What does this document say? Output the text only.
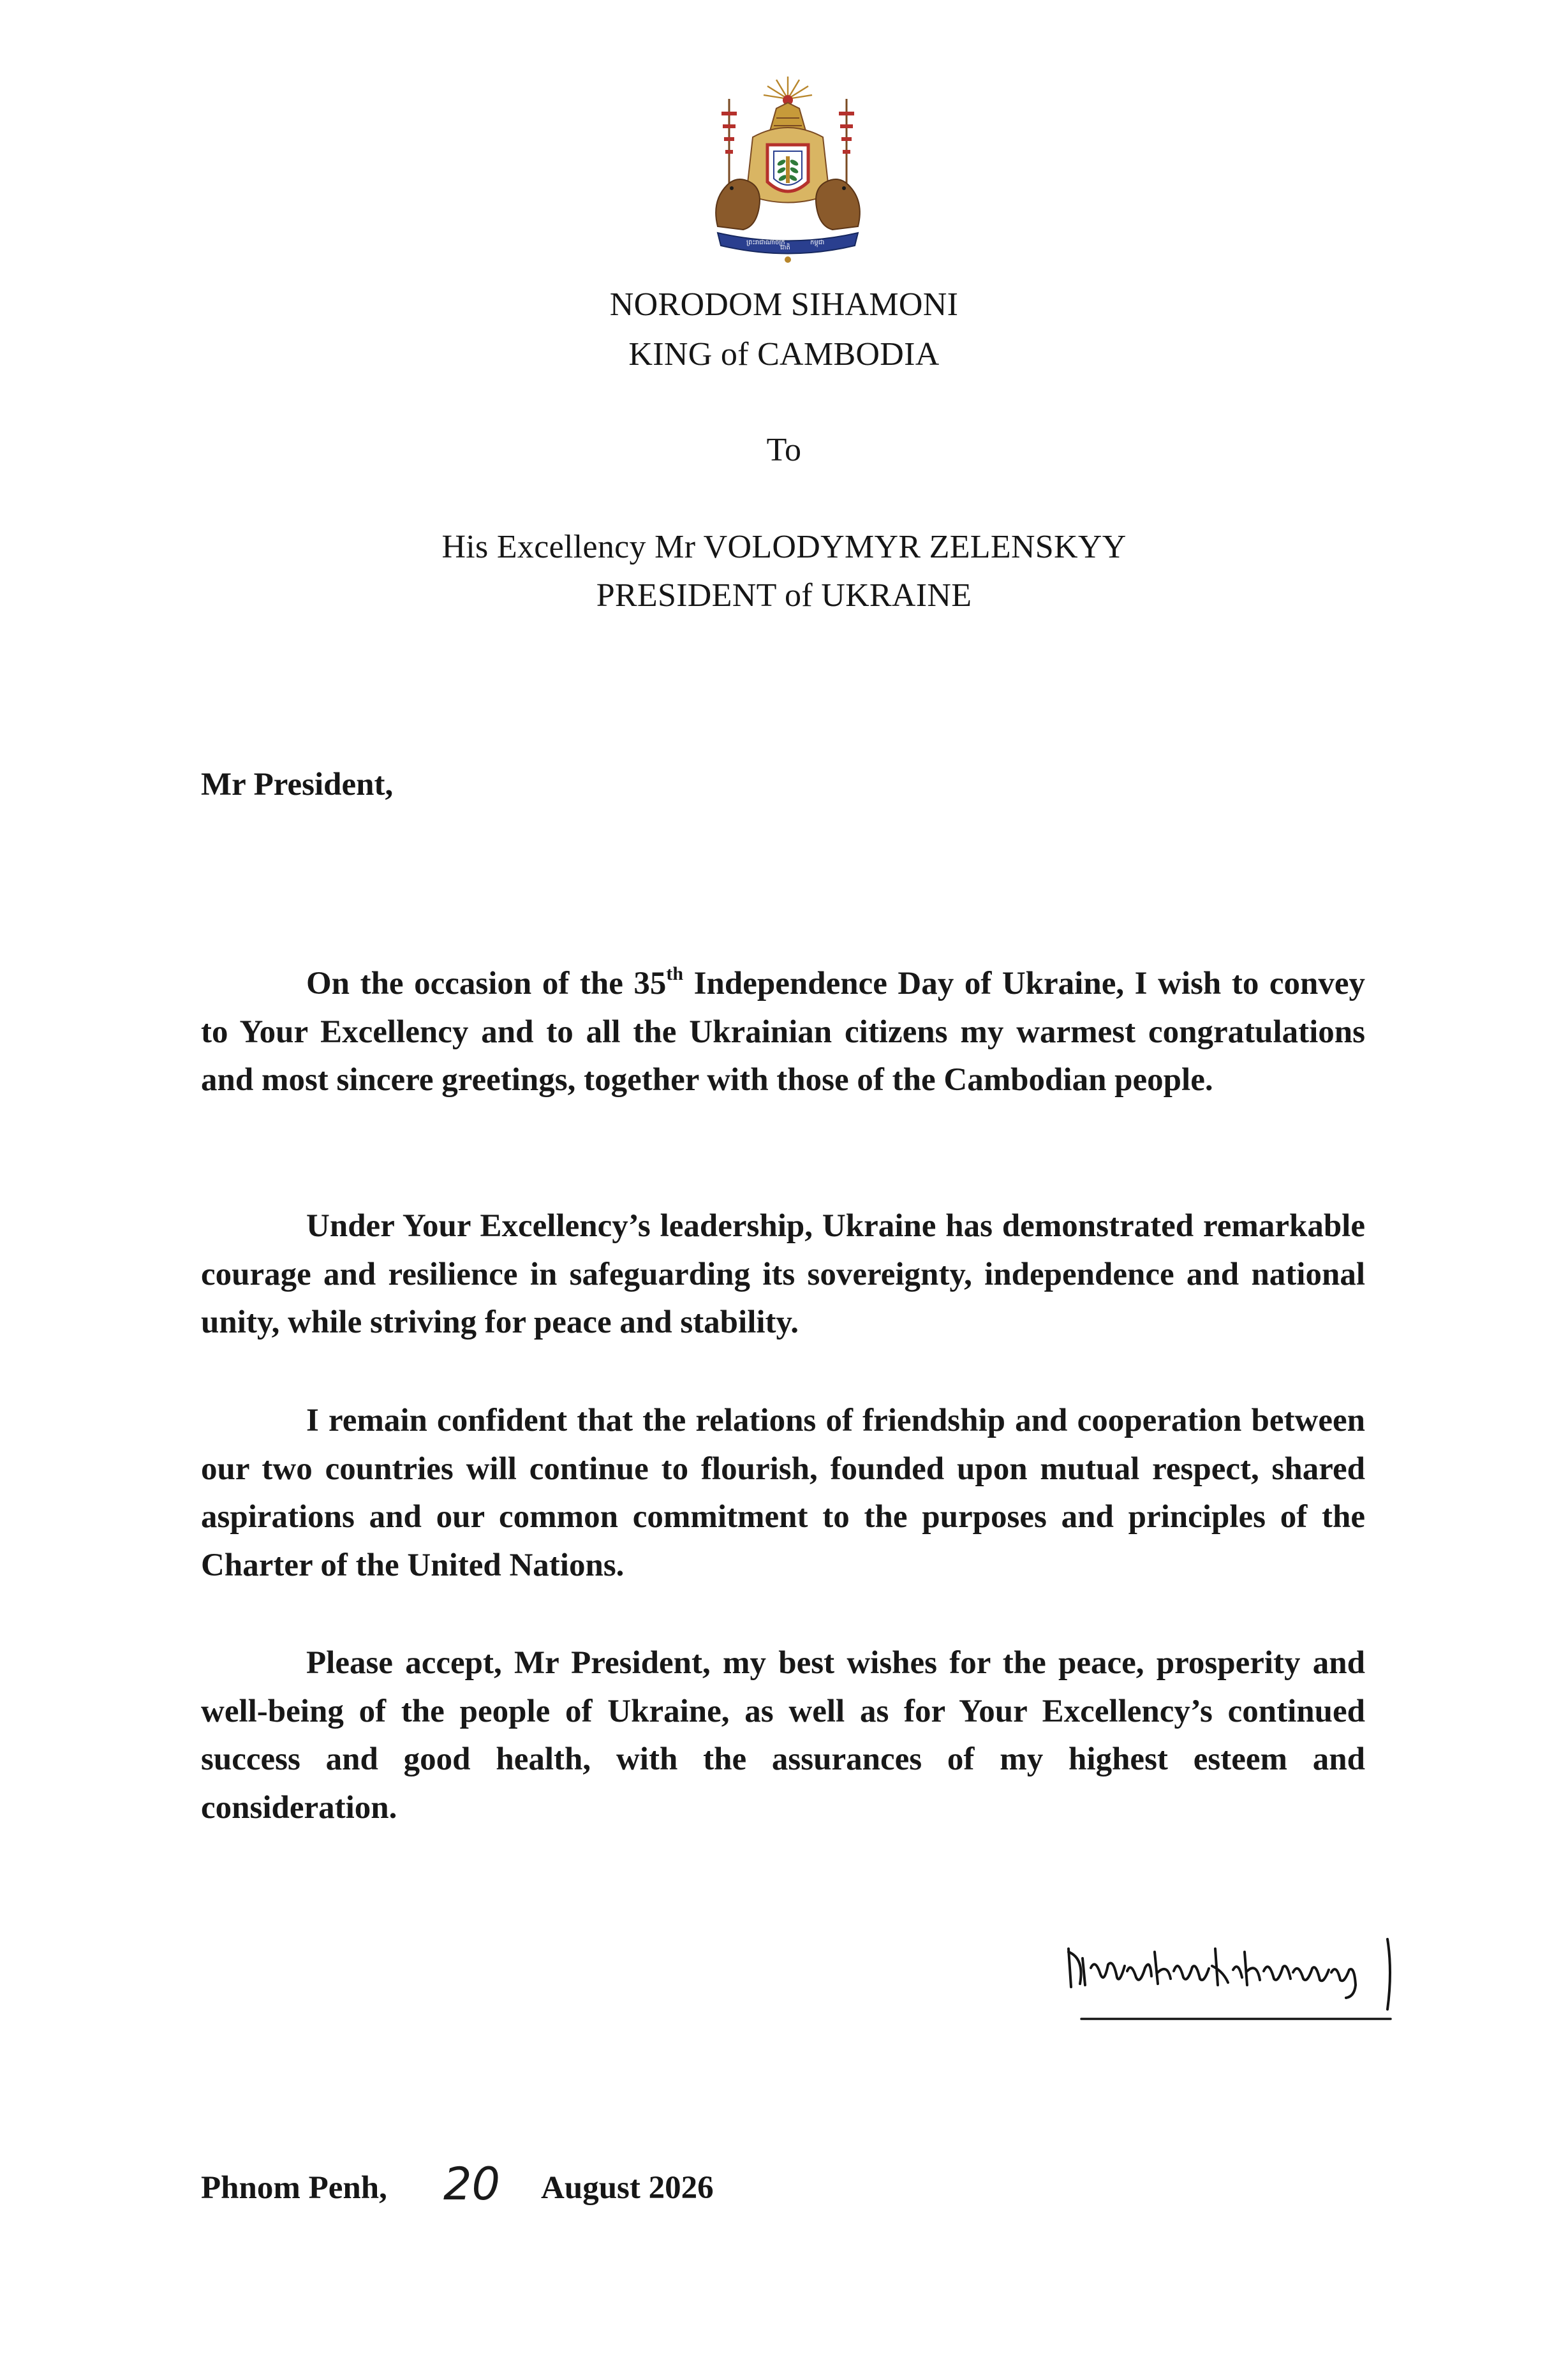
ព្រះរាជាណាចក្រ
ជាតិ
កម្ពុជា
NORODOM SIHAMONI
KING of CAMBODIA
To
His Excellency Mr VOLODYMYR ZELENSKYY
PRESIDENT of UKRAINE

Mr President,

On the occasion of the 35th Independence Day of Ukraine, I wish to convey to Your Excellency and to all the Ukrainian citizens my warmest congratulations and most sincere greetings, together with those of the Cambodian people.

Under Your Excellency’s leadership, Ukraine has demonstrated remarkable courage and resilience in safeguarding its sovereignty, independence and national unity, while striving for peace and stability.

I remain confident that the relations of friendship and cooperation between our two countries will continue to flourish, founded upon mutual respect, shared aspirations and our common commitment to the purposes and principles of the Charter of the United Nations.

Please accept, Mr President, my best wishes for the peace, prosperity and well-being of the people of Ukraine, as well as for Your Excellency’s continued success and good health, with the assurances of my highest esteem and consideration.

Phnom Penh, 20 August 2026
